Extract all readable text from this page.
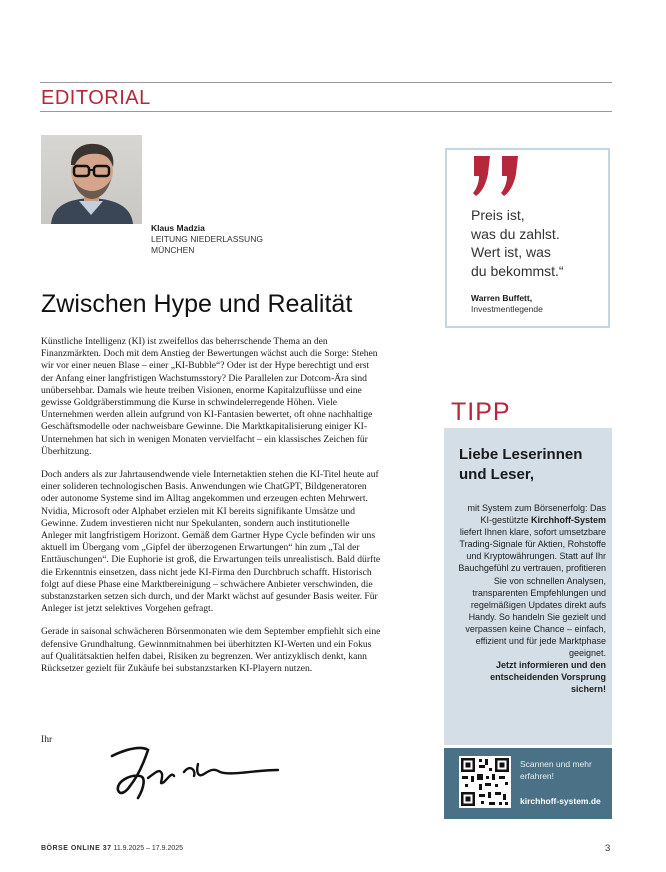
EDITORIAL
Klaus Madzia
LEITUNG NIEDERLASSUNG
MÜNCHEN
Zwischen Hype und Realität

Künstliche Intelligenz (KI) ist zweifellos das beherrschende Thema an den Finanzmärkten. Doch mit dem Anstieg der Bewertungen wächst auch die Sorge: Stehen wir vor einer neuen Blase – einer „KI-Bubble“? Oder ist der Hype berechtigt und erst der Anfang einer langfristigen Wachstumsstory? Die Parallelen zur Dotcom-Ära sind unübersehbar. Damals wie heute treiben Visionen, enorme Kapitalzuflüsse und eine gewisse Goldgräberstimmung die Kurse in schwindelerregende Höhen. Viele Unternehmen werden allein aufgrund von KI-Fantasien bewertet, oft ohne nachhaltige Geschäftsmodelle oder nachweisbare Gewinne. Die Marktkapitalisierung einiger KI-Unternehmen hat sich in wenigen Monaten vervielfacht – ein klassisches Zeichen für Überhitzung.

Doch anders als zur Jahrtausendwende viele Internetaktien stehen die KI-Titel heute auf einer solideren technologischen Basis. Anwendungen wie ChatGPT, Bildgeneratoren oder autonome Systeme sind im Alltag angekommen und erzeugen echten Mehrwert. Nvidia, Microsoft oder Alphabet erzielen mit KI bereits signifikante Umsätze und Gewinne. Zudem investieren nicht nur Spekulanten, sondern auch institutionelle Anleger mit langfristigem Horizont. Gemäß dem Gartner Hype Cycle befinden wir uns aktuell im Übergang vom „Gipfel der überzogenen Erwartungen“ hin zum „Tal der Enttäuschungen“. Die Euphorie ist groß, die Erwartungen teils unrealistisch. Bald dürfte die Erkenntnis einsetzen, dass nicht jede KI-Firma den Durchbruch schafft. Historisch folgt auf diese Phase eine Marktbereinigung – schwächere Anbieter verschwinden, die substanzstarken setzen sich durch, und der Markt wächst auf gesunder Basis weiter. Für Anleger ist jetzt selektives Vorgehen gefragt.

Gerade in saisonal schwächeren Börsenmonaten wie dem September empfiehlt sich eine defensive Grundhaltung. Gewinnmitnahmen bei überhitzten KI-Werten und ein Fokus auf Qualitätsaktien helfen dabei, Risiken zu begrenzen. Wer antizyklisch denkt, kann Rücksetzer gezielt für Zukäufe bei substanzstarken KI-Playern nutzen.

Ihr
Preis ist,
was du zahlst.
Wert ist, was
du bekommst.“
Warren Buffett,
Investmentlegende
TIPP
Liebe Leserinnen und Leser,
mit System zum Börsenerfolg: Das KI-gestützte Kirchhoff-System liefert Ihnen klare, sofort umsetzbare Trading-Signale für Aktien, Rohstoffe und Kryptowährungen. Statt auf Ihr Bauchgefühl zu vertrauen, profitieren Sie von schnellen Analysen, transparenten Empfehlungen und regelmäßigen Updates direkt aufs Handy. So handeln Sie gezielt und verpassen keine Chance – einfach, effizient und für jede Marktphase geeignet.
Jetzt informieren und den entscheidenden Vorsprung sichern!
Scannen und mehr erfahren!
kirchhoff-system.de
BÖRSE ONLINE 37 11.9.2025 – 17.9.2025	3
